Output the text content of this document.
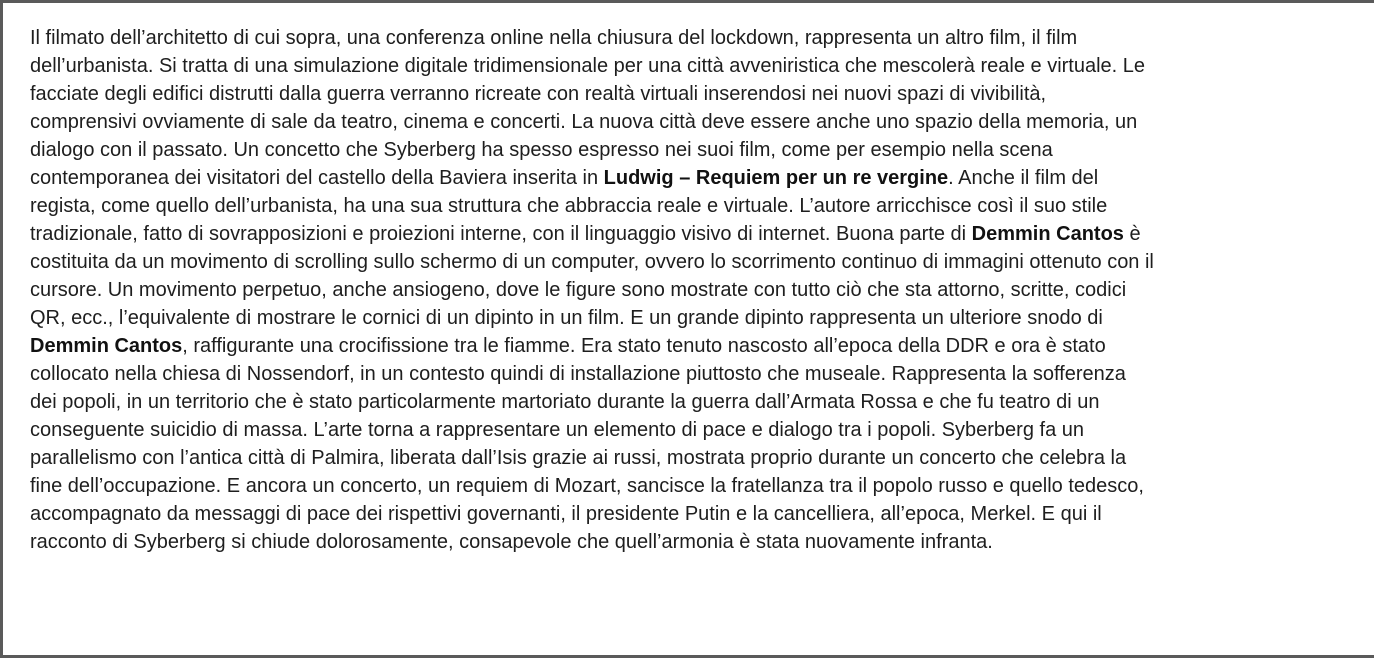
Il filmato dell’architetto di cui sopra, una conferenza online nella chiusura del lockdown, rappresenta un altro film, il film
dell’urbanista. Si tratta di una simulazione digitale tridimensionale per una città avveniristica che mescolerà reale e virtuale. Le
facciate degli edifici distrutti dalla guerra verranno ricreate con realtà virtuali inserendosi nei nuovi spazi di vivibilità,
comprensivi ovviamente di sale da teatro, cinema e concerti. La nuova città deve essere anche uno spazio della memoria, un
dialogo con il passato. Un concetto che Syberberg ha spesso espresso nei suoi film, come per esempio nella scena
contemporanea dei visitatori del castello della Baviera inserita in Ludwig – Requiem per un re vergine. Anche il film del
regista, come quello dell’urbanista, ha una sua struttura che abbraccia reale e virtuale. L’autore arricchisce così il suo stile
tradizionale, fatto di sovrapposizioni e proiezioni interne, con il linguaggio visivo di internet. Buona parte di Demmin Cantos è
costituita da un movimento di scrolling sullo schermo di un computer, ovvero lo scorrimento continuo di immagini ottenuto con il
cursore. Un movimento perpetuo, anche ansiogeno, dove le figure sono mostrate con tutto ciò che sta attorno, scritte, codici
QR, ecc., l’equivalente di mostrare le cornici di un dipinto in un film. E un grande dipinto rappresenta un ulteriore snodo di
Demmin Cantos, raffigurante una crocifissione tra le fiamme. Era stato tenuto nascosto all’epoca della DDR e ora è stato
collocato nella chiesa di Nossendorf, in un contesto quindi di installazione piuttosto che museale. Rappresenta la sofferenza
dei popoli, in un territorio che è stato particolarmente martoriato durante la guerra dall’Armata Rossa e che fu teatro di un
conseguente suicidio di massa. L’arte torna a rappresentare un elemento di pace e dialogo tra i popoli. Syberberg fa un
parallelismo con l’antica città di Palmira, liberata dall’Isis grazie ai russi, mostrata proprio durante un concerto che celebra la
fine dell’occupazione. E ancora un concerto, un requiem di Mozart, sancisce la fratellanza tra il popolo russo e quello tedesco,
accompagnato da messaggi di pace dei rispettivi governanti, il presidente Putin e la cancelliera, all’epoca, Merkel. E qui il
racconto di Syberberg si chiude dolorosamente, consapevole che quell’armonia è stata nuovamente infranta.
